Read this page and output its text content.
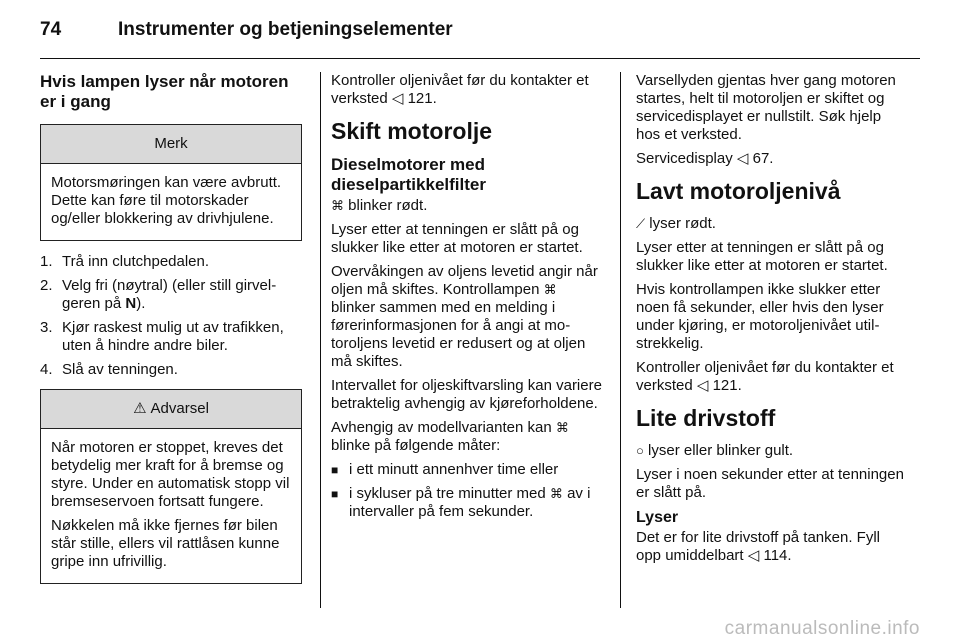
74	Instrumenter og betjeningselementer
Hvis lampen lyser når motoren er i gang
Merk

Motorsmøringen kan være avbrutt. Dette kan føre til motorskader og/eller blokkering av drivhjulene.

1. Trå inn clutchpedalen.
2. Velg fri (nøytral) (eller still girvelgeren på N).
3. Kjør raskest mulig ut av trafikken, uten å hindre andre biler.
4. Slå av tenningen.
⚠ Advarsel

Når motoren er stoppet, kreves det betydelig mer kraft for å bremse og styre. Under en automatisk stopp vil bremseservoen fortsatt fungere.

Nøkkelen må ikke fjernes før bilen står stille, ellers vil rattlåsen kunne gripe inn ufrivillig.

Kontroller oljenivået før du kontakter et verksted ◁ 121.

Skift motorolje
Dieselmotorer med dieselpartikkelfilter

⌘ blinker rødt.

Lyser etter at tenningen er slått på og slukker like etter at motoren er startet.

Overvåkingen av oljens levetid angir når oljen må skiftes. Kontrollampen ⌘ blinker sammen med en melding i førerinformasjonen for å angi at motoroljens levetid er redusert og at oljen må skiftes.

Intervallet for oljeskiftvarsling kan variere betraktelig avhengig av kjøreforholdene.

Avhengig av modellvarianten kan ⌘ blinke på følgende måter:

■ i ett minutt annenhver time eller
■ i sykluser på tre minutter med ⌘ av i intervaller på fem sekunder.

Varsellyden gjentas hver gang motoren startes, helt til motoroljen er skiftet og servicedisplayet er nullstilt. Søk hjelp hos et verksted.

Servicedisplay ◁ 67.

Lavt motoroljenivå

⟋ lyser rødt.

Lyser etter at tenningen er slått på og slukker like etter at motoren er startet.

Hvis kontrollampen ikke slukker etter noen få sekunder, eller hvis den lyser under kjøring, er motoroljenivået utilstrekkelig.

Kontroller oljenivået før du kontakter et verksted ◁ 121.

Lite drivstoff

○ lyser eller blinker gult.

Lyser i noen sekunder etter at tenningen er slått på.

Lyser

Det er for lite drivstoff på tanken. Fyll opp umiddelbart ◁ 114.

carmanualsonline.info
